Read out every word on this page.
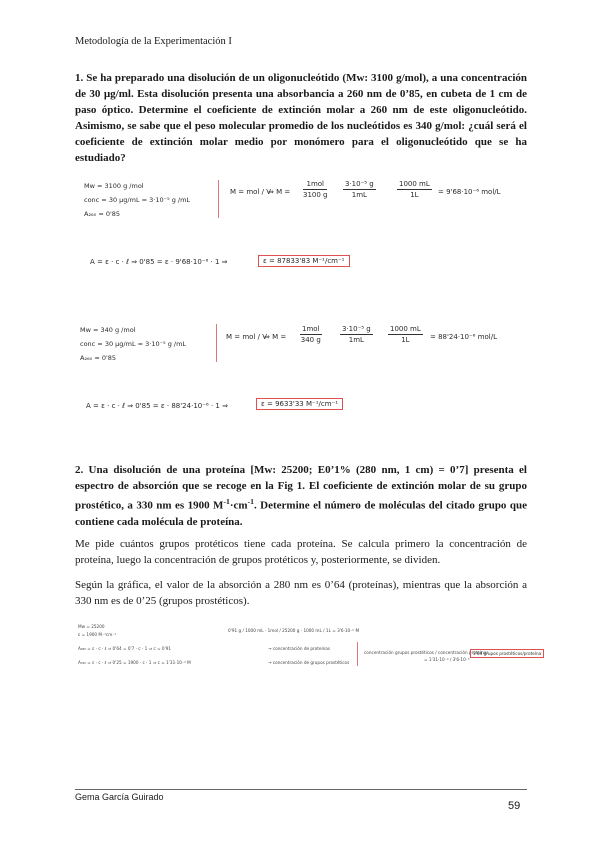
Metodología de la Experimentación I
1. Se ha preparado una disolución de un oligonucleótido (Mw: 3100 g/mol), a una concentración de 30 µg/ml. Esta disolución presenta una absorbancia a 260 nm de 0’85, en cubeta de 1 cm de paso óptico. Determine el coeficiente de extinción molar a 260 nm de este oligonucleótido. Asimismo, se sabe que el peso molecular promedio de los nucleótidos es 340 g/mol: ¿cuál será el coeficiente de extinción molar medio por monómero para el oligonucleótido que se ha estudiado?
Mw = 3100 g /mol
conc = 30 µg/mL = 3·10⁻⁵ g /mL
A₂₆₀ = 0'85
M = mol / V
⇒ M =
1mol
3100 g $\frac{\text{3·10⁻⁵ g}}{1mL}$	$\frac{1000 mL}{1L} = 9'68\cdot 10^{-6}$ mol/L
A = ε · c · ℓ ⇒ 0'85 = ε · 9'68·10⁻⁶ · 1 ⇒	ε = 87833'83 M⁻¹/cm⁻¹
Mw = 340 g /mol
conc = 30 µg/mL = 3·10⁻⁵ g /mL
A₂₆₀ = 0'85
M = mol / V
⇒ M =
1mol
340 g	$\frac{\text{3·10⁻⁵ g}}{1mL} \frac{1000 mL}{1L} = 88'24\cdot 10^{-6}$ mol/L
A = ε · c · ℓ ⇒ 0'85 = ε · 88'24·10⁻⁶ · 1 ⇒	ε = 9633'33 M⁻¹/cm⁻¹
2. Una disolución de una proteína [Mw: 25200; E0’1% (280 nm, 1 cm) = 0’7] presenta el espectro de absorción que se recoge en la Fig 1. El coeficiente de extinción molar de su grupo prostético, a 330 nm es 1900 $M^{-1}\cdot cm^{-1}$. Determine el número de moléculas del citado grupo que contiene cada molécula de proteína.
Me pide cuántos grupos protéticos tiene cada proteína. Se calcula primero la concentración de proteína, luego la concentración de grupos protéticos y, posteriormente, se dividen.
Según la gráfica, el valor de la absorción a 280 nm es 0’64 (proteínas), mientras que la absorción a 330 nm es de 0’25 (grupos prostéticos).
Mw = 25200
ε = 1900 M⁻¹cm⁻¹
A₂₈₀ = ε · c · ℓ ⇒ 0'64 = 0'7 · c · 1 ⇒ c = 0'91
A₃₃₀ = ε · c · ℓ ⇒ 0'25 = 1900 · c · 1 ⇒ c = 1'31·10⁻⁴ M
0'91 g / 1000 mL · 1mol / 25200 g · 1000 mL / 1L = 3'6·10⁻⁵ M
→ concentración de proteínas
→ concentración de grupos prostéticos
concentración grupos prostéticos / concentración proteínas
= 1'31·10⁻⁴ / 3'6·10⁻⁵
3'64 grupos prostéticos/proteína
Gema García Guirado
59
